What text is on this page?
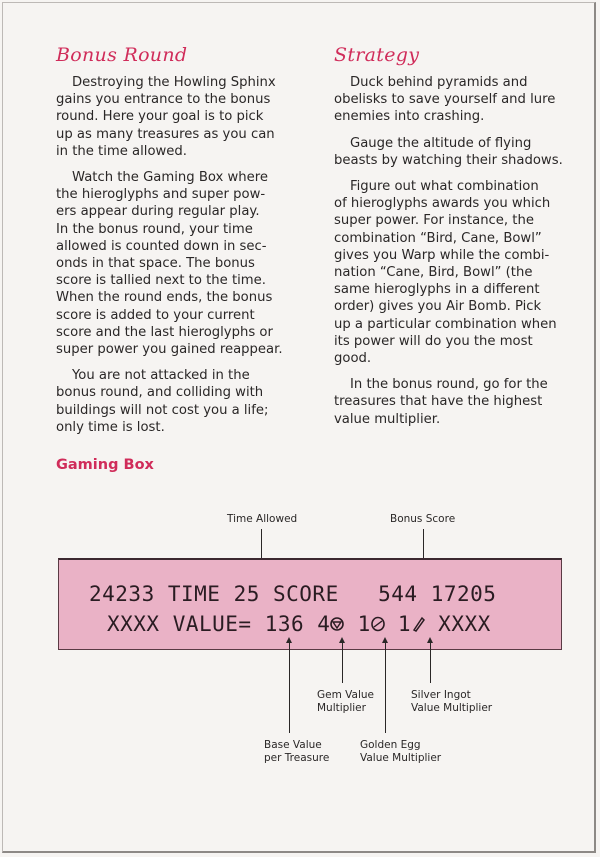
Bonus Round

Destroying the Howling Sphinx
gains you entrance to the bonus
round. Here your goal is to pick
up as many treasures as you can
in the time allowed.

Watch the Gaming Box where
the hieroglyphs and super pow-
ers appear during regular play.
In the bonus round, your time
allowed is counted down in sec-
onds in that space. The bonus
score is tallied next to the time.
When the round ends, the bonus
score is added to your current
score and the last hieroglyphs or
super power you gained reappear.

You are not attacked in the
bonus round, and colliding with
buildings will not cost you a life;
only time is lost.

Strategy

Duck behind pyramids and
obelisks to save yourself and lure
enemies into crashing.

Gauge the altitude of flying
beasts by watching their shadows.

Figure out what combination
of hieroglyphs awards you which
super power. For instance, the
combination “Bird, Cane, Bowl”
gives you Warp while the combi-
nation “Cane, Bird, Bowl” (the
same hieroglyphs in a different
order) gives you Air Bomb. Pick
up a particular combination when
its power will do you the most
good.

In the bonus round, go for the
treasures that have the highest
value multiplier.

Gaming Box
Time Allowed	Bonus Score
24233 TIME 25 SCORE   544 17205
XXXX VALUE= 136 4 1 1 XXXX
Base Value
per Treasure
Gem Value
Multiplier
Golden Egg
Value Multiplier
Silver Ingot
Value Multiplier
